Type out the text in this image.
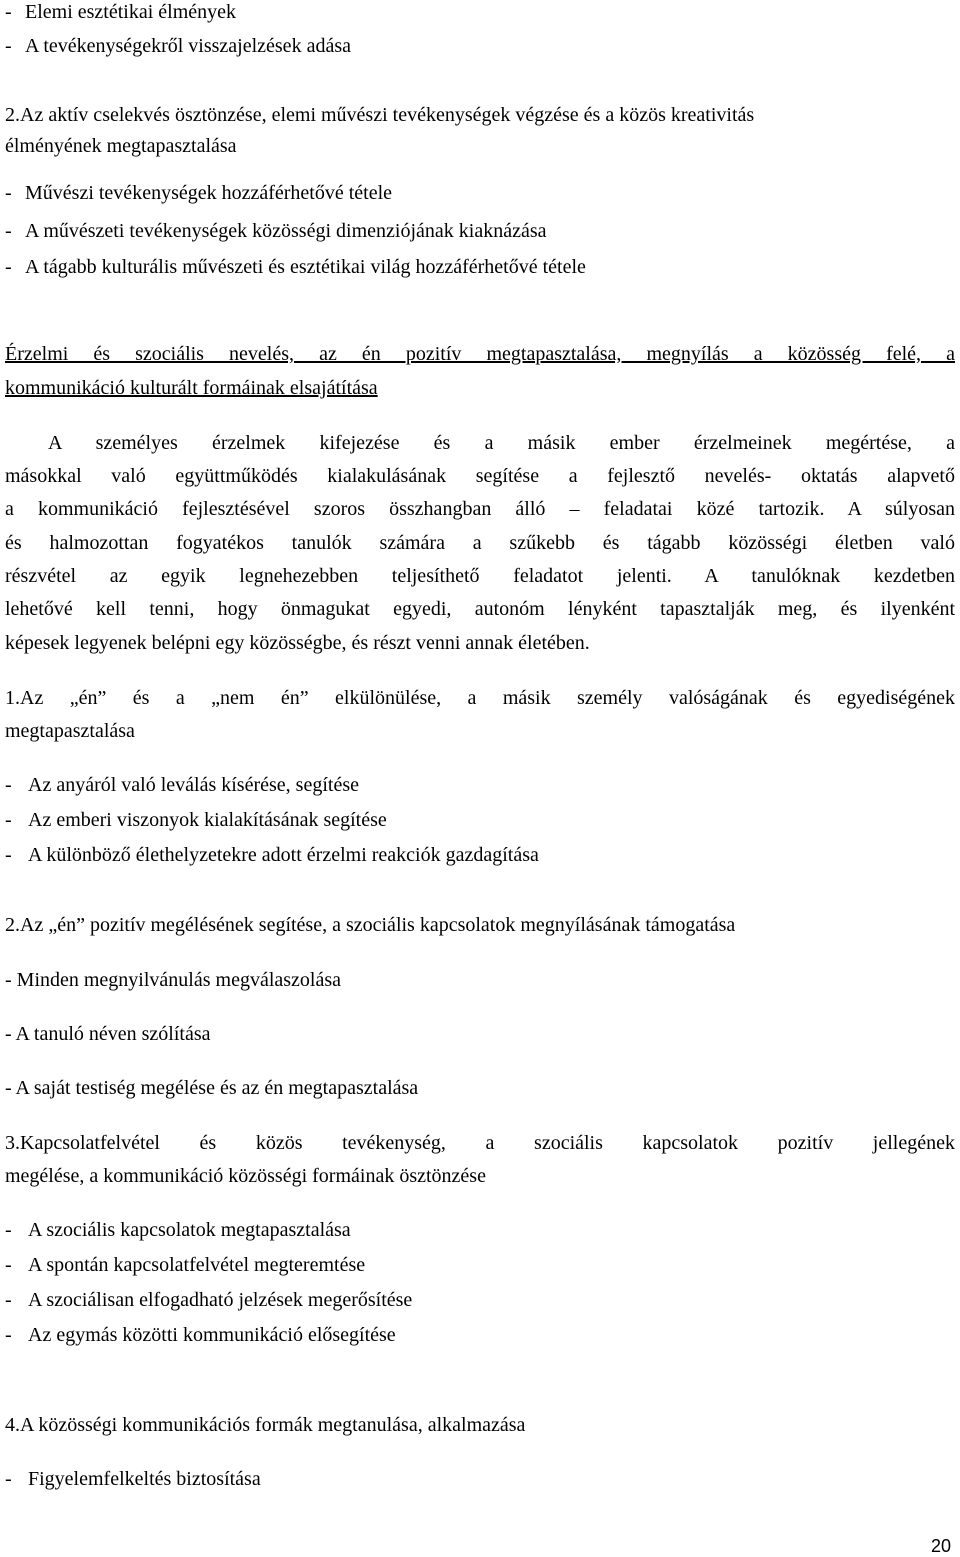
- Elemi esztétikai élmények
- A tevékenységekről visszajelzések adása
2.Az aktív cselekvés ösztönzése, elemi művészi tevékenységek végzése és a közös kreativitás
élményének megtapasztalása
- Művészi tevékenységek hozzáférhetővé tétele
- A művészeti tevékenységek közösségi dimenziójának kiaknázása
- A tágabb kulturális művészeti és esztétikai világ hozzáférhetővé tétele
Érzelmi és szociális nevelés, az én pozitív megtapasztalása, megnyílás a közösség felé, a
kommunikáció kulturált formáinak elsajátítása
A személyes érzelmek kifejezése és a másik ember érzelmeinek megértése, a
másokkal való együttműködés kialakulásának segítése a fejlesztő nevelés- oktatás alapvető
a kommunikáció fejlesztésével szoros összhangban álló – feladatai közé tartozik. A súlyosan
és halmozottan fogyatékos tanulók számára a szűkebb és tágabb közösségi életben való
részvétel az egyik legnehezebben teljesíthető feladatot jelenti. A tanulóknak kezdetben
lehetővé kell tenni, hogy önmagukat egyedi, autonóm lényként tapasztalják meg, és ilyenként
képesek legyenek belépni egy közösségbe, és részt venni annak életében.
1.Az „én” és a „nem én” elkülönülése, a másik személy valóságának és egyediségének
megtapasztalása
- Az anyáról való leválás kísérése, segítése
- Az emberi viszonyok kialakításának segítése
- A különböző élethelyzetekre adott érzelmi reakciók gazdagítása
2.Az „én” pozitív megélésének segítése, a szociális kapcsolatok megnyílásának támogatása
- Minden megnyilvánulás megválaszolása
- A tanuló néven szólítása
- A saját testiség megélése és az én megtapasztalása
3.Kapcsolatfelvétel és közös tevékenység, a szociális kapcsolatok pozitív jellegének
megélése, a kommunikáció közösségi formáinak ösztönzése
- A szociális kapcsolatok megtapasztalása
- A spontán kapcsolatfelvétel megteremtése
- A szociálisan elfogadható jelzések megerősítése
- Az egymás közötti kommunikáció elősegítése
4.A közösségi kommunikációs formák megtanulása, alkalmazása
- Figyelemfelkeltés biztosítása
20
